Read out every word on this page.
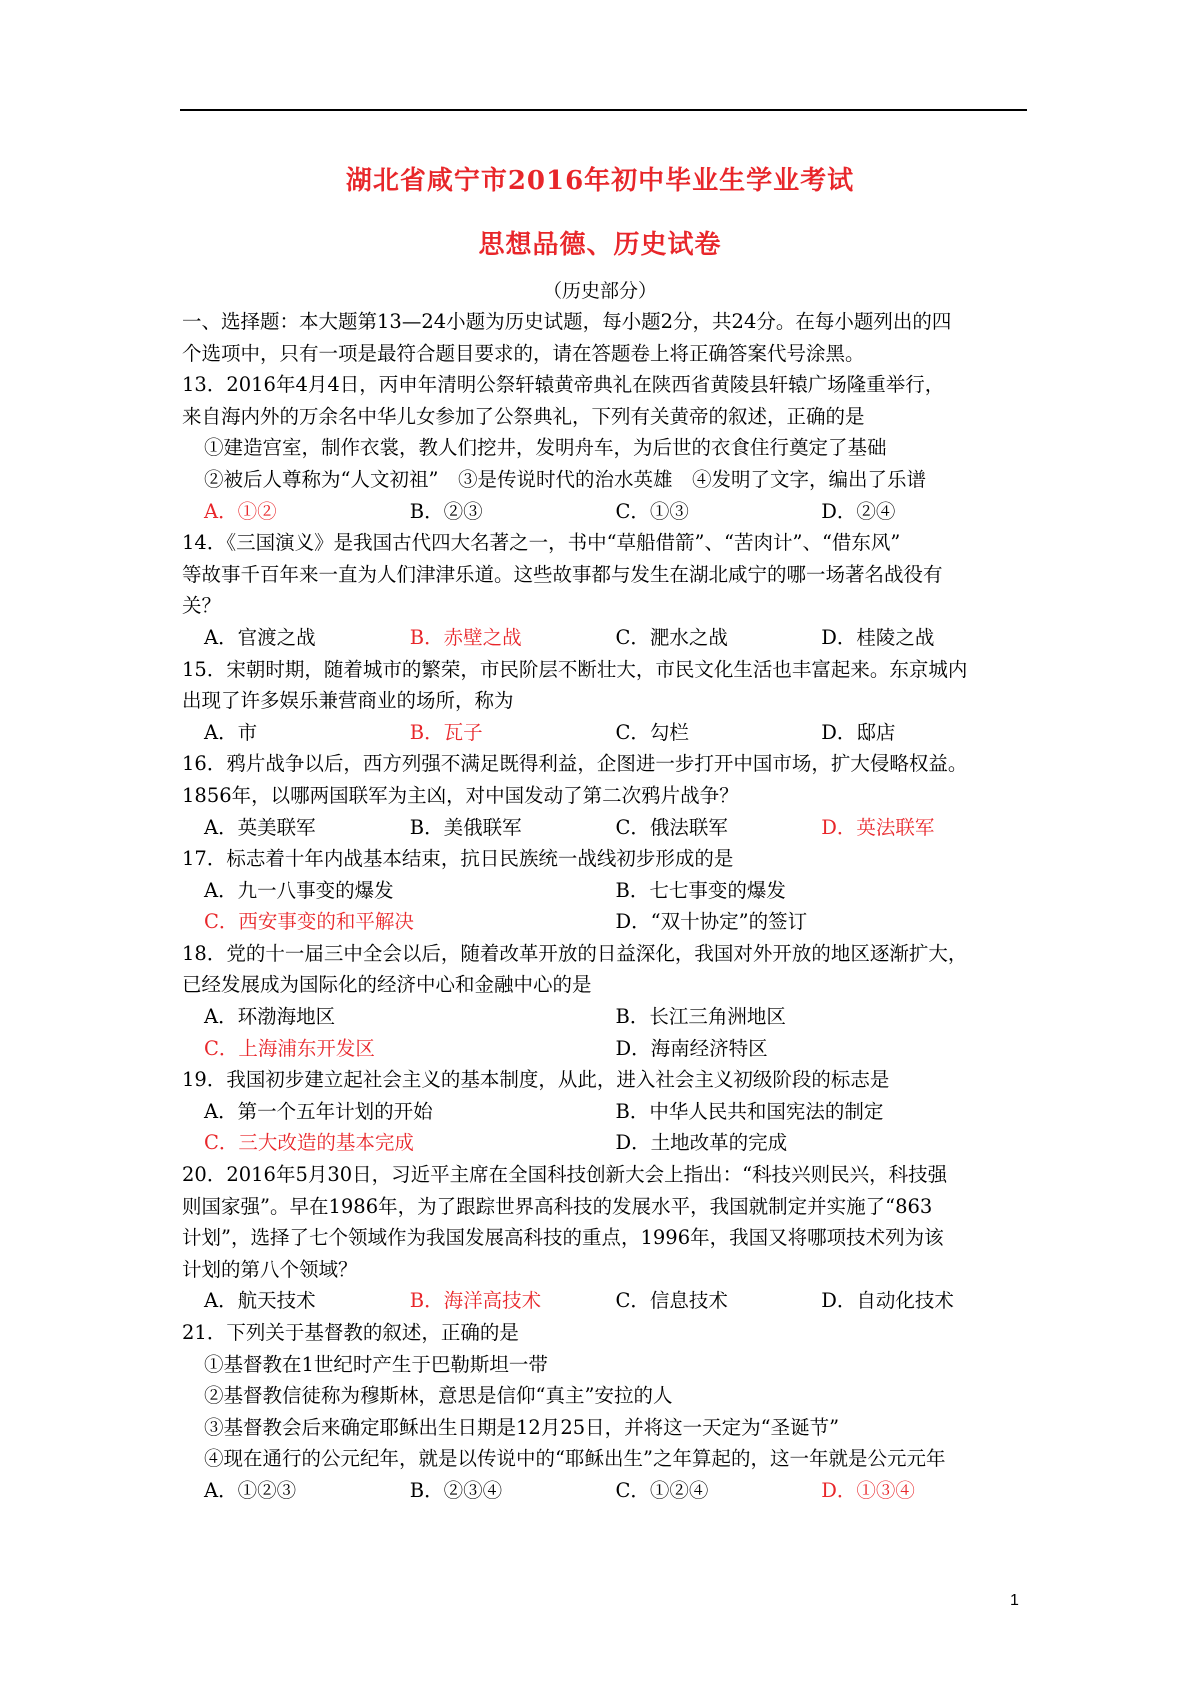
湖北省咸宁市2016年初中毕业生学业考试
思想品德、历史试卷
（历史部分）
一、选择题：本大题第13—24小题为历史试题，每小题2分，共24分。在每小题列出的四
个选项中，只有一项是最符合题目要求的，请在答题卷上将正确答案代号涂黑。
13．2016年4月4日，丙申年清明公祭轩辕黄帝典礼在陕西省黄陵县轩辕广场隆重举行，
来自海内外的万余名中华儿女参加了公祭典礼，下列有关黄帝的叙述，正确的是
①建造宫室，制作衣裳，教人们挖井，发明舟车，为后世的衣食住行奠定了基础
②被后人尊称为“人文初祖”　③是传说时代的治水英雄　④发明了文字，编出了乐谱
A．①②	B．②③	C．①③	D．②④
14．《三国演义》是我国古代四大名著之一，书中“草船借箭”、“苦肉计”、“借东风”
等故事千百年来一直为人们津津乐道。这些故事都与发生在湖北咸宁的哪一场著名战役有
关？
A．官渡之战	B．赤壁之战	C．淝水之战	D．桂陵之战
15．宋朝时期，随着城市的繁荣，市民阶层不断壮大，市民文化生活也丰富起来。东京城内
出现了许多娱乐兼营商业的场所，称为
A．市	B．瓦子	C．勾栏	D．邸店
16．鸦片战争以后，西方列强不满足既得利益，企图进一步打开中国市场，扩大侵略权益。
1856年，以哪两国联军为主凶，对中国发动了第二次鸦片战争？
A．英美联军	B．美俄联军	C．俄法联军	D．英法联军
17．标志着十年内战基本结束，抗日民族统一战线初步形成的是
A．九一八事变的爆发	B．七七事变的爆发
C．西安事变的和平解决	D．“双十协定”的签订
18．党的十一届三中全会以后，随着改革开放的日益深化，我国对外开放的地区逐渐扩大，
已经发展成为国际化的经济中心和金融中心的是
A．环渤海地区	B．长江三角洲地区
C．上海浦东开发区	D．海南经济特区
19．我国初步建立起社会主义的基本制度，从此，进入社会主义初级阶段的标志是
A．第一个五年计划的开始	B．中华人民共和国宪法的制定
C．三大改造的基本完成	D．土地改革的完成
20．2016年5月30日，习近平主席在全国科技创新大会上指出：“科技兴则民兴，科技强
则国家强”。早在1986年，为了跟踪世界高科技的发展水平，我国就制定并实施了“863
计划”，选择了七个领域作为我国发展高科技的重点，1996年，我国又将哪项技术列为该
计划的第八个领域？
A．航天技术	B．海洋高技术	C．信息技术	D．自动化技术
21．下列关于基督教的叙述，正确的是
①基督教在1世纪时产生于巴勒斯坦一带
②基督教信徒称为穆斯林，意思是信仰“真主”安拉的人
③基督教会后来确定耶稣出生日期是12月25日，并将这一天定为“圣诞节”
④现在通行的公元纪年，就是以传说中的“耶稣出生”之年算起的，这一年就是公元元年
A．①②③	B．②③④	C．①②④	D．①③④
1
